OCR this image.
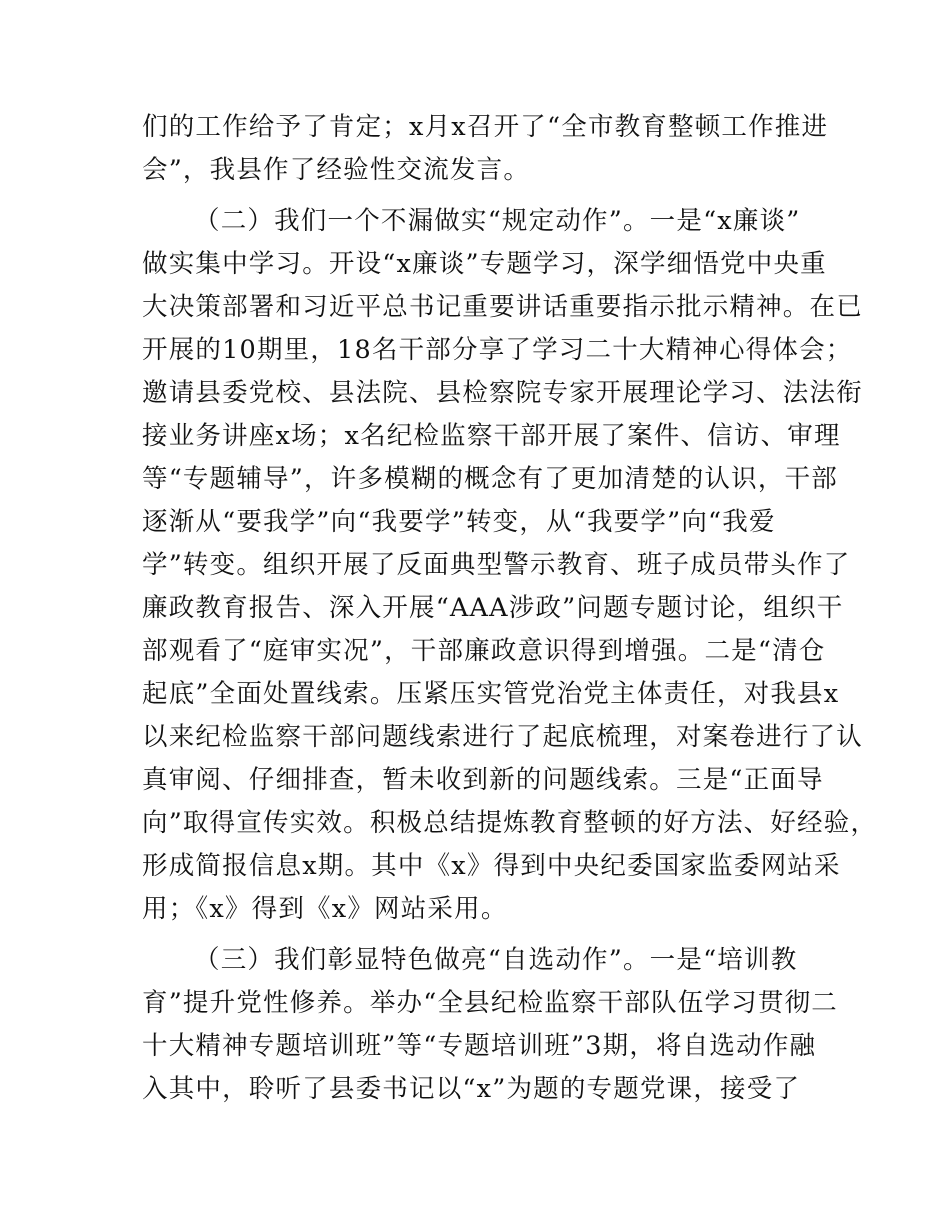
们的工作给予了肯定；x月x召开了“全市教育整顿工作推进
会”，我县作了经验性交流发言。
（二）我们一个不漏做实“规定动作”。一是“x廉谈”
做实集中学习。开设“x廉谈”专题学习，深学细悟党中央重
大决策部署和习近平总书记重要讲话重要指示批示精神。在已
开展的10期里，18名干部分享了学习二十大精神心得体会；
邀请县委党校、县法院、县检察院专家开展理论学习、法法衔
接业务讲座x场；x名纪检监察干部开展了案件、信访、审理
等“专题辅导”，许多模糊的概念有了更加清楚的认识，干部
逐渐从“要我学”向“我要学”转变，从“我要学”向“我爱
学”转变。组织开展了反面典型警示教育、班子成员带头作了
廉政教育报告、深入开展“AAA涉政”问题专题讨论，组织干
部观看了“庭审实况”，干部廉政意识得到增强。二是“清仓
起底”全面处置线索。压紧压实管党治党主体责任，对我县x
以来纪检监察干部问题线索进行了起底梳理，对案卷进行了认
真审阅、仔细排查，暂未收到新的问题线索。三是“正面导
向”取得宣传实效。积极总结提炼教育整顿的好方法、好经验，
形成简报信息x期。其中《x》得到中央纪委国家监委网站采
用；《x》得到《x》网站采用。
（三）我们彰显特色做亮“自选动作”。一是“培训教
育”提升党性修养。举办“全县纪检监察干部队伍学习贯彻二
十大精神专题培训班”等“专题培训班”3期，将自选动作融
入其中，聆听了县委书记以“x”为题的专题党课，接受了
